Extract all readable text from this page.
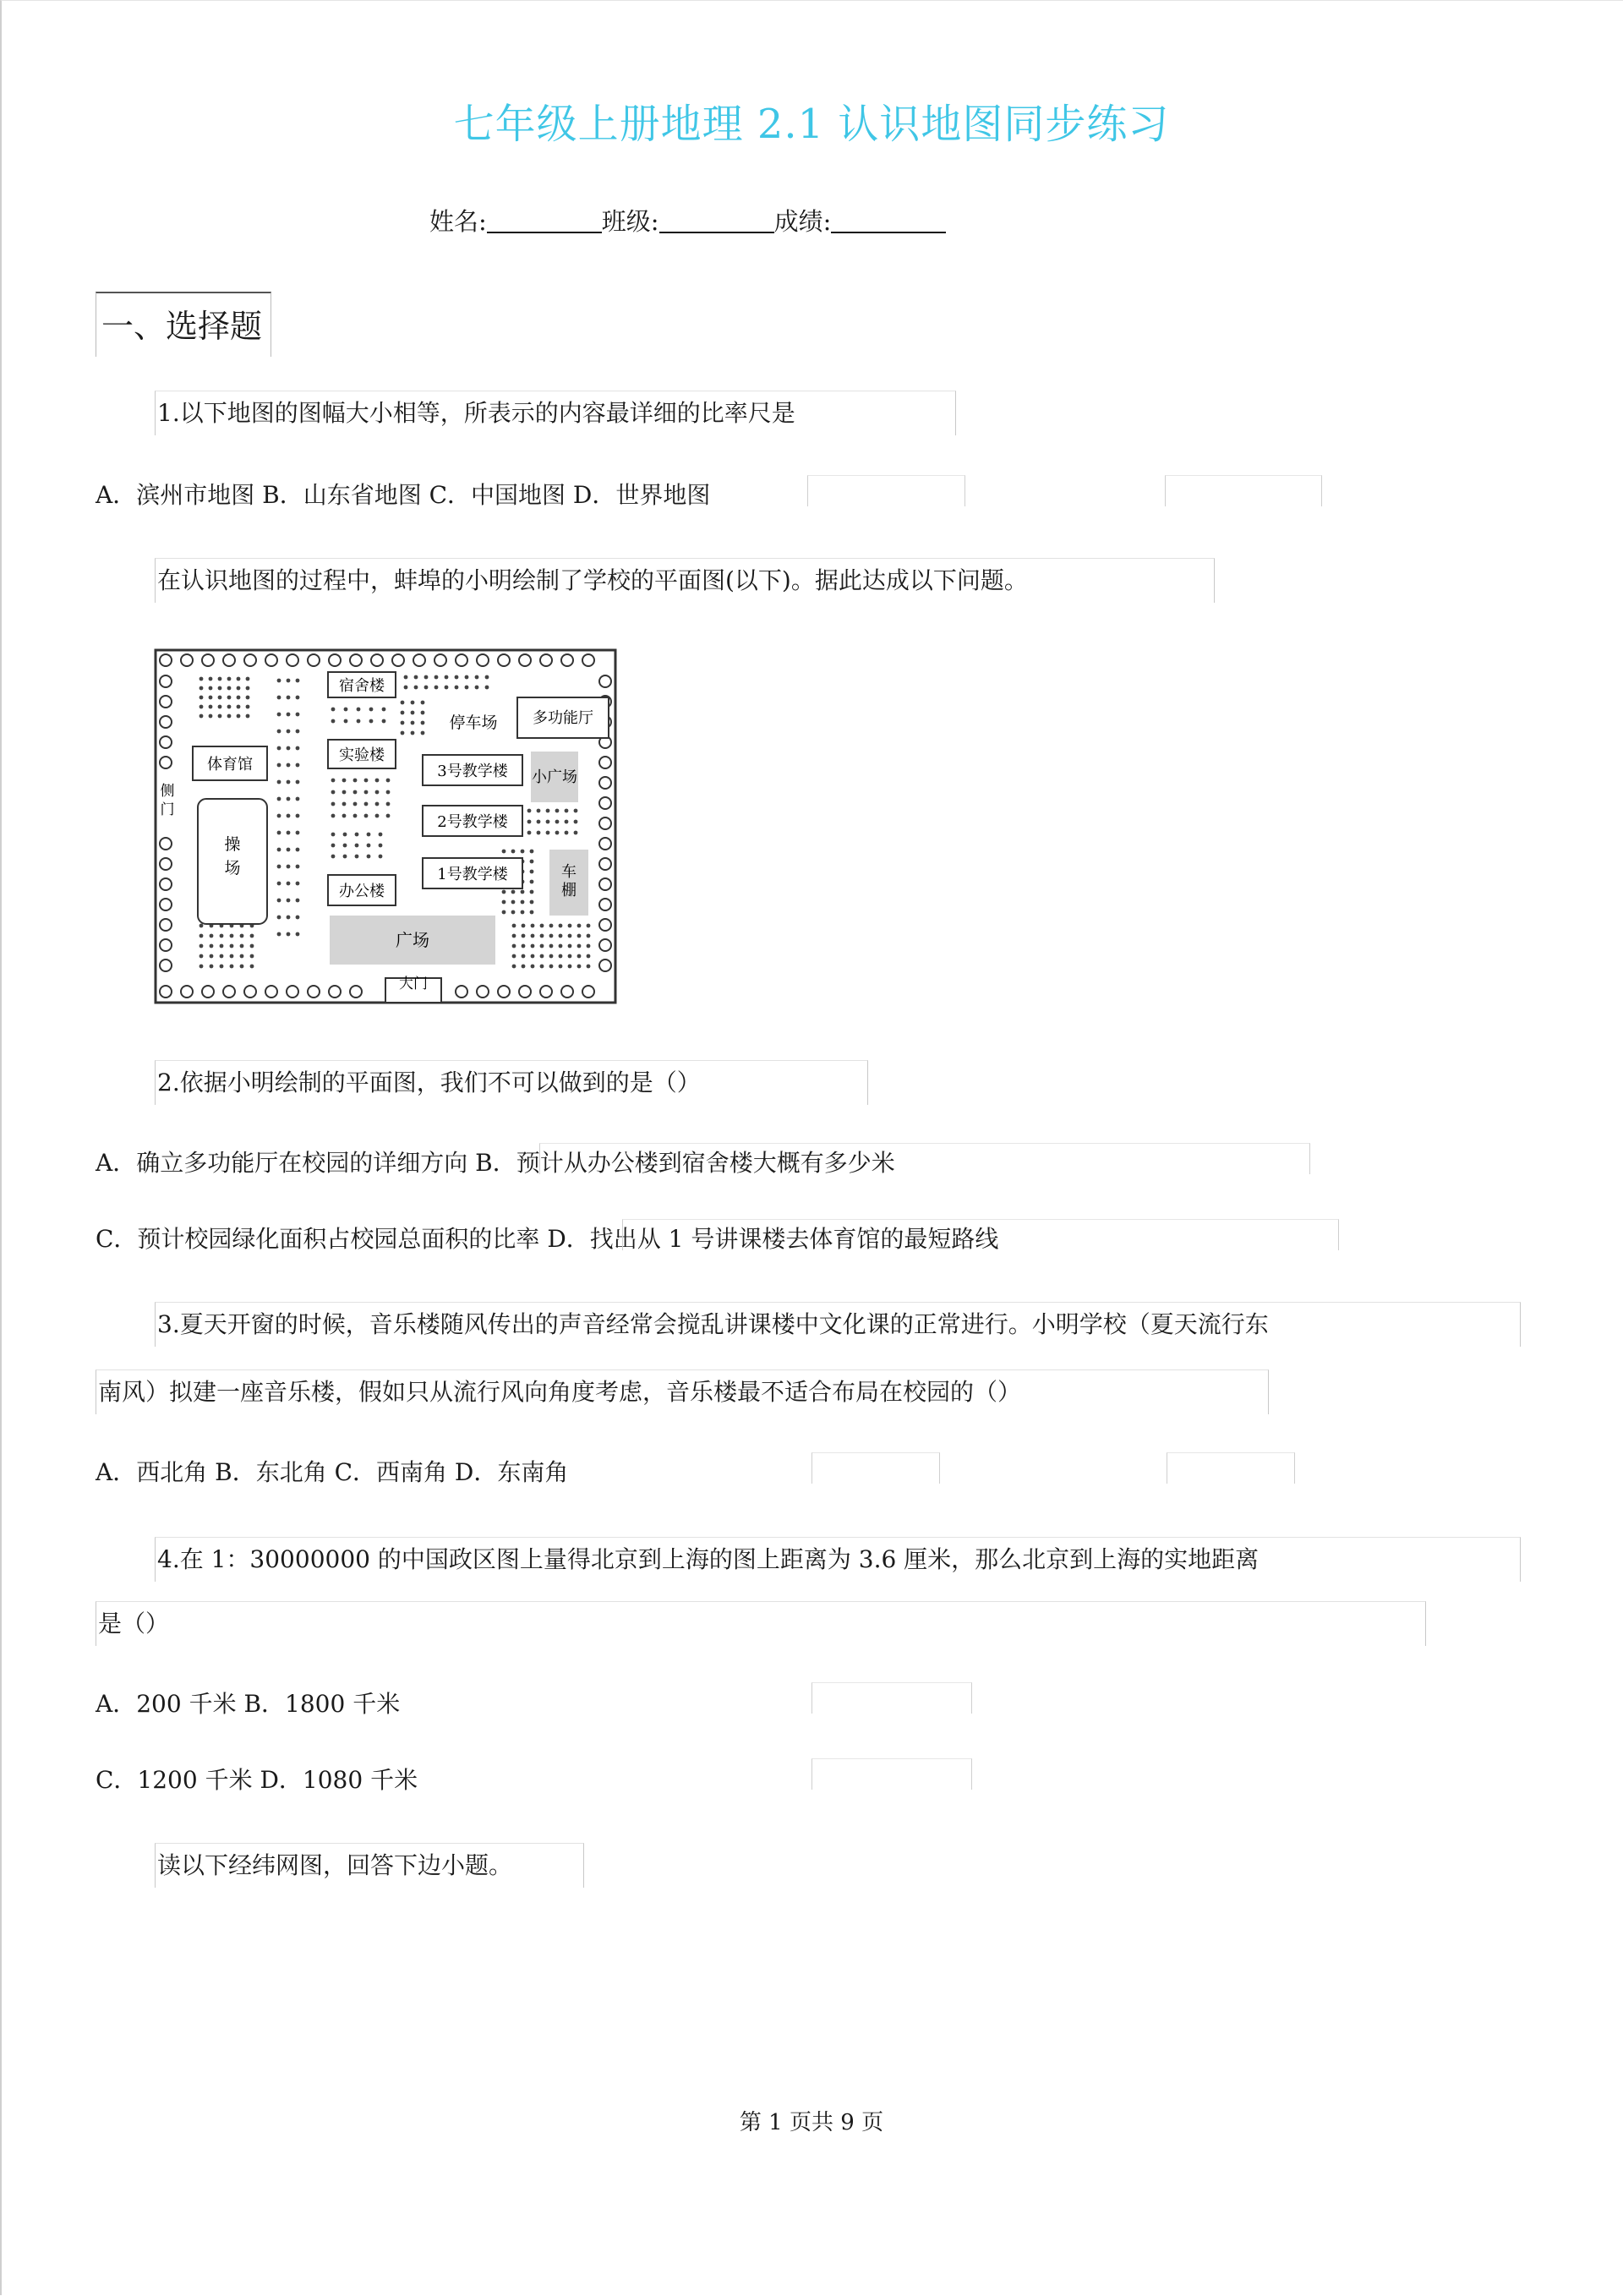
七年级上册地理 2.1 认识地图同步练习
姓名:	班级:	成绩:
一、选择题
1.以下地图的图幅大小相等，所表示的内容最详细的比率尺是
A．滨州市地图 B．山东省地图 C．中国地图 D．世界地图
在认识地图的过程中，蚌埠的小明绘制了学校的平面图(以下)。据此达成以下问题。
宿舍楼
停车场 多功能厅
体育馆
实验楼
3号教学楼 小广场
侧
门
操
场
2号教学楼
车
棚
办公楼
1号教学楼
广场
大门
2.依据小明绘制的平面图，我们不可以做到的是（）
A．确立多功能厅在校园的详细方向 B．预计从办公楼到宿舍楼大概有多少米
C．预计校园绿化面积占校园总面积的比率 D．找出从 1 号讲课楼去体育馆的最短路线
3.夏天开窗的时候，音乐楼随风传出的声音经常会搅乱讲课楼中文化课的正常进行。小明学校（夏天流行东
南风）拟建一座音乐楼，假如只从流行风向角度考虑，音乐楼最不适合布局在校园的（）
A．西北角 B．东北角 C．西南角 D．东南角
4.在 1：30000000 的中国政区图上量得北京到上海的图上距离为 3.6 厘米，那么北京到上海的实地距离
是（）
A．200 千米 B．1800 千米
C．1200 千米 D．1080 千米
读以下经纬网图，回答下边小题。
第 1 页共 9 页
